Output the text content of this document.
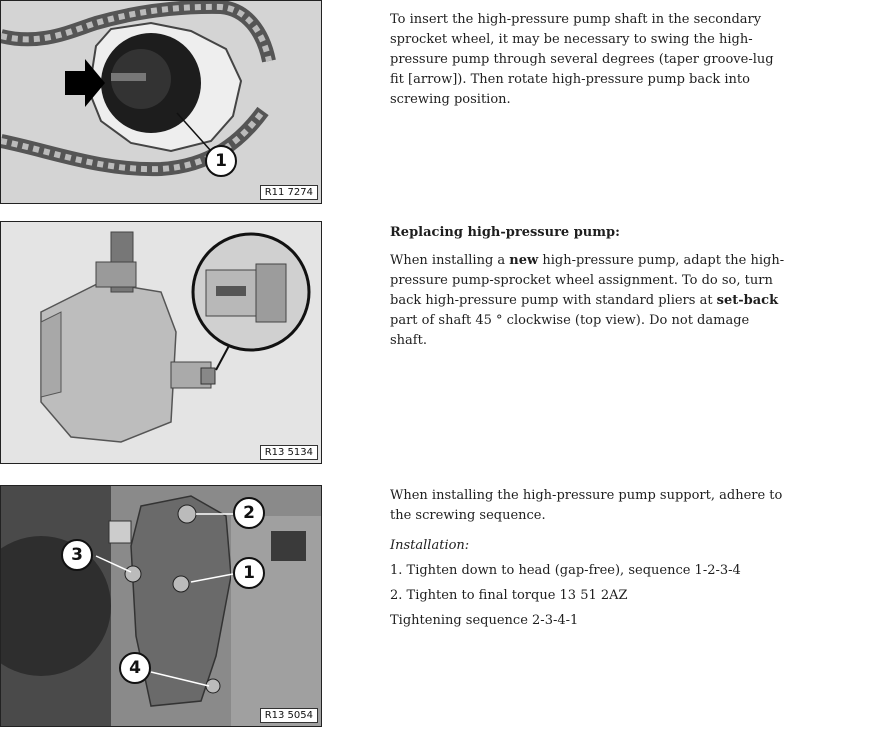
1
R11 7274
R13 5134
2
3
1
4
R13 5054

To insert the high-pressure pump shaft in the secondary sprocket wheel, it may be necessary to swing the high-pressure pump through several degrees (taper groove-lug fit [arrow]). Then rotate high-pressure pump back into screwing position.

Replacing high-pressure pump:

When installing a new high-pressure pump, adapt the high-pressure pump-sprocket wheel assignment. To do so, turn back high-pressure pump with standard pliers at set-back part of shaft 45 ° clockwise (top view). Do not damage shaft.

When installing the high-pressure pump support, adhere to the screwing sequence.

Installation:

1. Tighten down to head (gap-free), sequence 1-2-3-4

2. Tighten to final torque 13 51 2AZ

Tightening sequence 2-3-4-1
